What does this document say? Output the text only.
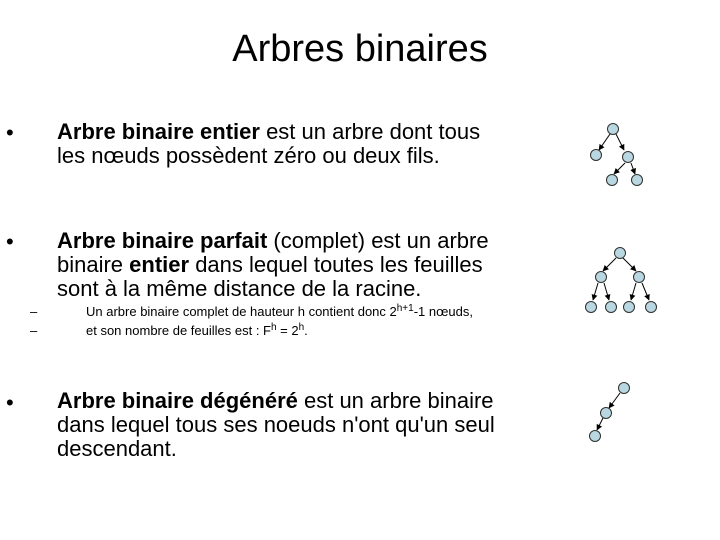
Arbres binaires
• Arbre binaire entier est un arbre dont tous
les nœuds possèdent zéro ou deux fils.
• Arbre binaire parfait (complet) est un arbre
binaire entier dans lequel toutes les feuilles
sont à la même distance de la racine.
–
–
Un arbre binaire complet de hauteur h contient donc $2^{h+1}-1$ nœuds,
et son nombre de feuilles est : $F^h = 2^h$.
• Arbre binaire dégénéré est un arbre binaire
dans lequel tous ses noeuds n'ont qu'un seul
descendant.
